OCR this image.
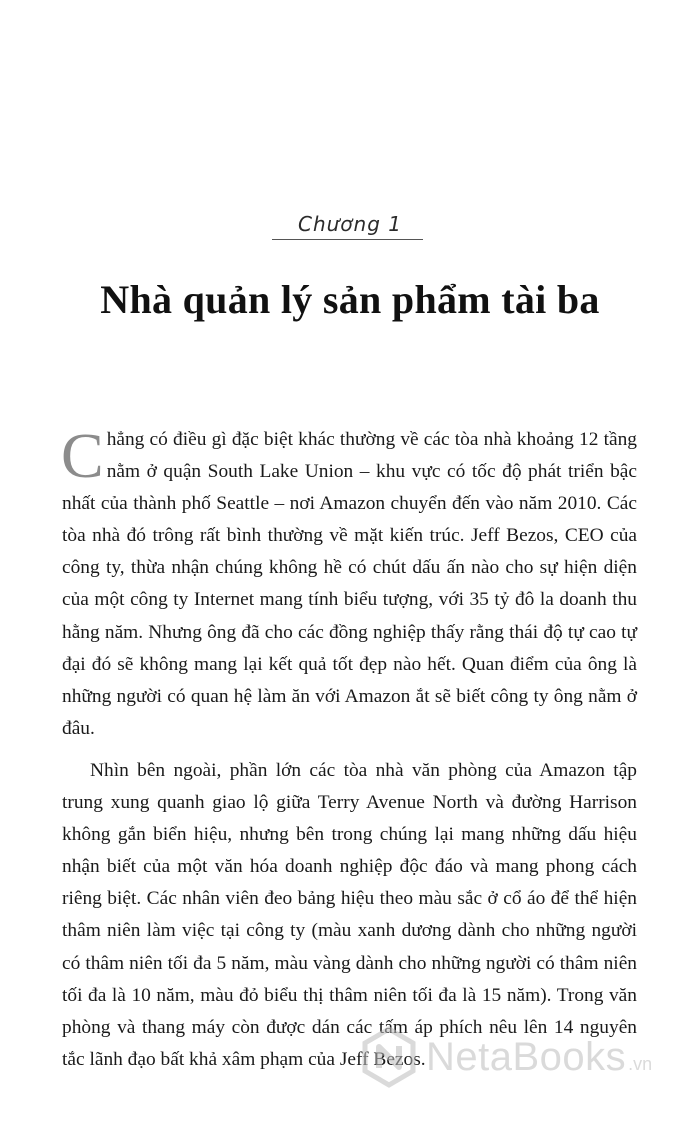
Chương 1
Nhà quản lý sản phẩm tài ba

Chẳng có điều gì đặc biệt khác thường về các tòa nhà khoảng 12 tầng nằm ở quận South Lake Union – khu vực có tốc độ phát triển bậc nhất của thành phố Seattle – nơi Amazon chuyển đến vào năm 2010. Các tòa nhà đó trông rất bình thường về mặt kiến trúc. Jeff Bezos, CEO của công ty, thừa nhận chúng không hề có chút dấu ấn nào cho sự hiện diện của một công ty Internet mang tính biểu tượng, với 35 tỷ đô la doanh thu hằng năm. Nhưng ông đã cho các đồng nghiệp thấy rằng thái độ tự cao tự đại đó sẽ không mang lại kết quả tốt đẹp nào hết. Quan điểm của ông là những người có quan hệ làm ăn với Amazon ắt sẽ biết công ty ông nằm ở đâu.

Nhìn bên ngoài, phần lớn các tòa nhà văn phòng của Amazon tập trung xung quanh giao lộ giữa Terry Avenue North và đường Harrison không gắn biển hiệu, nhưng bên trong chúng lại mang những dấu hiệu nhận biết của một văn hóa doanh nghiệp độc đáo và mang phong cách riêng biệt. Các nhân viên đeo bảng hiệu theo màu sắc ở cổ áo để thể hiện thâm niên làm việc tại công ty (màu xanh dương dành cho những người có thâm niên tối đa 5 năm, màu vàng dành cho những người có thâm niên tối đa là 10 năm, màu đỏ biểu thị thâm niên tối đa là 15 năm). Trong văn phòng và thang máy còn được dán các tấm áp phích nêu lên 14 nguyên tắc lãnh đạo bất khả xâm phạm của Jeff Bezos. NetaBooks .vn
